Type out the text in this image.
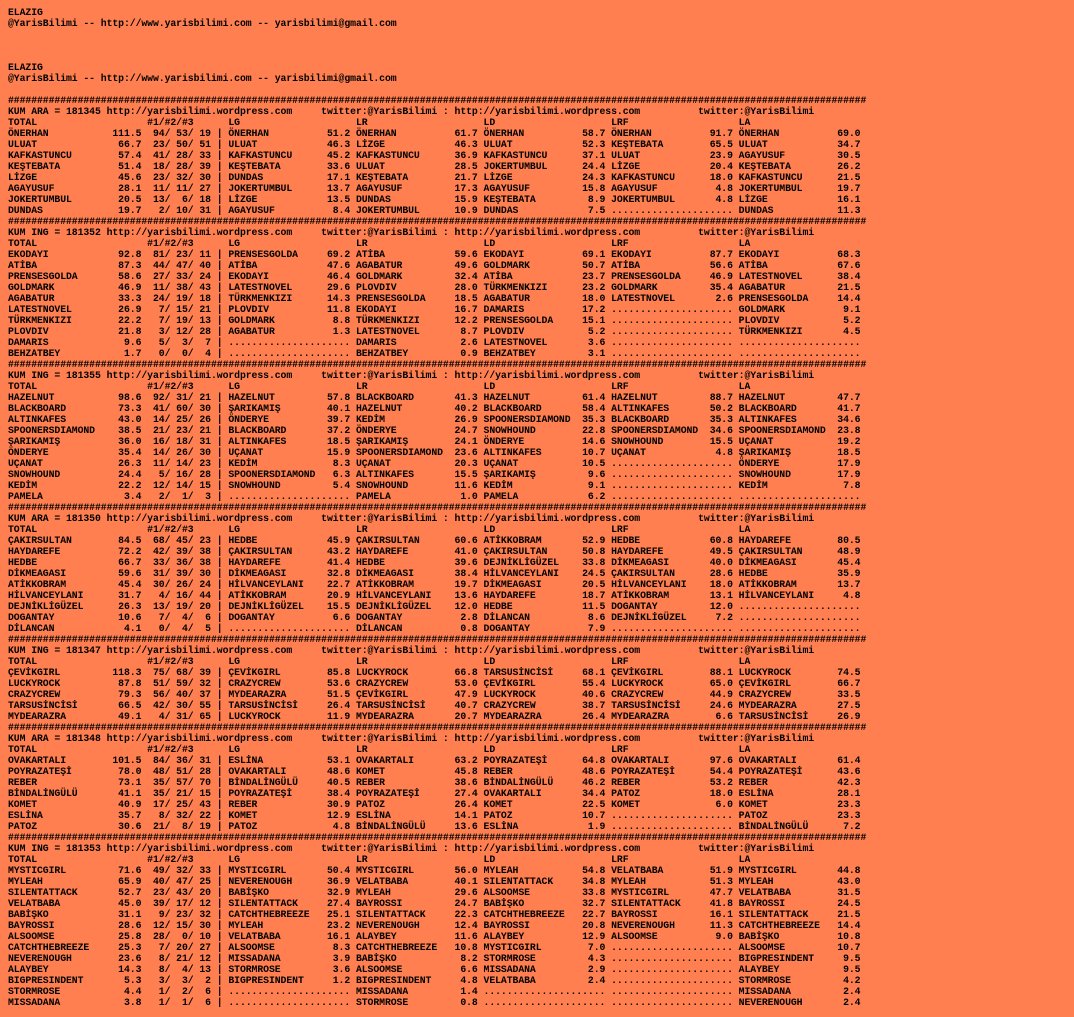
ELAZIG
@YarisBilimi -- http://www.yarisbilimi.com -- yarisbilimi@gmail.com
ELAZIG
@YarisBilimi -- http://www.yarisbilimi.com -- yarisbilimi@gmail.com
####################################################################################################################################################
KUM ARA = 181345 http://yarisbilimi.wordpress.com     twitter:@YarisBilimi : http://yarisbilimi.wordpress.com          twitter:@YarisBilimi
TOTAL                   #1/#2/#3      LG                    LR                    LD                    LRF                   LA
ÖNERHAN           111.5  94/ 53/ 19 | ÖNERHAN          51.2 ÖNERHAN          61.7 ÖNERHAN          58.7 ÖNERHAN          91.7 ÖNERHAN          69.0
ULUAT              66.7  23/ 50/ 51 | ULUAT            46.3 LİZGE            46.3 ULUAT            52.3 KEŞTEBATA        65.5 ULUAT            34.7
KAFKASTUNCU        57.4  41/ 28/ 33 | KAFKASTUNCU      45.2 KAFKASTUNCU      36.9 KAFKASTUNCU      37.1 ULUAT            23.9 AGAYUSUF         30.5
KEŞTEBATA          51.4  18/ 28/ 39 | KEŞTEBATA        33.6 ULUAT            28.5 JOKERTUMBUL      24.4 LİZGE            20.4 KEŞTEBATA        26.2
LİZGE              45.6  23/ 32/ 30 | DUNDAS           17.1 KEŞTEBATA        21.7 LİZGE            24.3 KAFKASTUNCU      18.0 KAFKASTUNCU      21.5
AGAYUSUF           28.1  11/ 11/ 27 | JOKERTUMBUL      13.7 AGAYUSUF         17.3 AGAYUSUF         15.8 AGAYUSUF          4.8 JOKERTUMBUL      19.7
JOKERTUMBUL        20.5  13/  6/ 18 | LİZGE            13.5 DUNDAS           15.9 KEŞTEBATA         8.9 JOKERTUMBUL       4.8 LİZGE            16.1
DUNDAS             19.7   2/ 10/ 31 | AGAYUSUF          8.4 JOKERTUMBUL      10.9 DUNDAS            7.5 ..................... DUNDAS           11.3
####################################################################################################################################################
KUM ING = 181352 http://yarisbilimi.wordpress.com     twitter:@YarisBilimi : http://yarisbilimi.wordpress.com          twitter:@YarisBilimi
TOTAL                   #1/#2/#3      LG                    LR                    LD                    LRF                   LA
EKODAYI            92.8  81/ 23/ 11 | PRENSESGOLDA     69.2 ATİBA            59.6 EKODAYI          69.1 EKODAYI          87.7 EKODAYI          68.3
ATİBA              87.3  44/ 47/ 40 | ATİBA            47.6 AGABATUR         49.6 GOLDMARK         50.7 ATİBA            56.6 ATİBA            67.6
PRENSESGOLDA       58.6  27/ 33/ 24 | EKODAYI          46.4 GOLDMARK         32.4 ATİBA            23.7 PRENSESGOLDA     46.9 LATESTNOVEL      38.4
GOLDMARK           46.9  11/ 38/ 43 | LATESTNOVEL      29.6 PLOVDIV          28.0 TÜRKMENKIZI      23.2 GOLDMARK         35.4 AGABATUR         21.5
AGABATUR           33.3  24/ 19/ 18 | TÜRKMENKIZI      14.3 PRENSESGOLDA     18.5 AGABATUR         18.0 LATESTNOVEL       2.6 PRENSESGOLDA     14.4
LATESTNOVEL        26.9   7/ 15/ 21 | PLOVDIV          11.8 EKODAYI          16.7 DAMARIS          17.2 ..................... GOLDMARK          9.1
TÜRKMENKIZI        22.2   7/ 19/ 13 | GOLDMARK          8.8 TÜRKMENKIZI      12.2 PRENSESGOLDA     15.1 ..................... PLOVDIV           5.2
PLOVDIV            21.8   3/ 12/ 28 | AGABATUR          1.3 LATESTNOVEL       8.7 PLOVDIV           5.2 ..................... TÜRKMENKIZI       4.5
DAMARIS             9.6   5/  3/  7 | ..................... DAMARIS           2.6 LATESTNOVEL       3.6 ..................... .....................
BEHZATBEY           1.7   0/  0/  4 | ..................... BEHZATBEY         0.9 BEHZATBEY         3.1 ..................... .....................
####################################################################################################################################################
KUM ING = 181355 http://yarisbilimi.wordpress.com     twitter:@YarisBilimi : http://yarisbilimi.wordpress.com          twitter:@YarisBilimi
TOTAL                   #1/#2/#3      LG                    LR                    LD                    LRF                   LA
HAZELNUT           98.6  92/ 31/ 21 | HAZELNUT         57.8 BLACKBOARD       41.3 HAZELNUT         61.4 HAZELNUT         88.7 HAZELNUT         47.7
BLACKBOARD         73.3  41/ 60/ 30 | ŞARIKAMIŞ        40.1 HAZELNUT         40.2 BLACKBOARD       58.4 ALTINKAFES       50.2 BLACKBOARD       41.7
ALTINKAFES         43.0  14/ 25/ 26 | ÖNDERYE          39.7 KEDİM            26.9 SPOONERSDIAMOND  35.3 BLACKBOARD       35.3 ALTINKAFES       34.6
SPOONERSDIAMOND    38.5  21/ 23/ 21 | BLACKBOARD       37.2 ÖNDERYE          24.7 SNOWHOUND        22.8 SPOONERSDIAMOND  34.6 SPOONERSDIAMOND  23.8
ŞARIKAMIŞ          36.0  16/ 18/ 31 | ALTINKAFES       18.5 ŞARIKAMIŞ        24.1 ÖNDERYE          14.6 SNOWHOUND        15.5 UÇANAT           19.2
ÖNDERYE            35.4  14/ 26/ 30 | UÇANAT           15.9 SPOONERSDIAMOND  23.6 ALTINKAFES       10.7 UÇANAT            4.8 ŞARIKAMIŞ        18.5
UÇANAT             26.3  11/ 14/ 23 | KEDİM             8.3 UÇANAT           20.3 UÇANAT           10.5 ..................... ÖNDERYE          17.9
SNOWHOUND          24.4   5/ 16/ 28 | SPOONERSDIAMOND   6.3 ALTINKAFES       15.5 ŞARIKAMIŞ         9.6 ..................... SNOWHOUND        17.9
KEDİM              22.2  12/ 14/ 15 | SNOWHOUND         5.4 SNOWHOUND        11.6 KEDİM             9.1 ..................... KEDİM             7.8
PAMELA              3.4   2/  1/  3 | ..................... PAMELA            1.0 PAMELA            6.2 ..................... .....................
####################################################################################################################################################
KUM ARA = 181350 http://yarisbilimi.wordpress.com     twitter:@YarisBilimi : http://yarisbilimi.wordpress.com          twitter:@YarisBilimi
TOTAL                   #1/#2/#3      LG                    LR                    LD                    LRF                   LA
ÇAKIRSULTAN        84.5  68/ 45/ 23 | HEDBE            45.9 ÇAKIRSULTAN      60.6 ATİKKOBRAM       52.9 HEDBE            60.8 HAYDAREFE        80.5
HAYDAREFE          72.2  42/ 39/ 38 | ÇAKIRSULTAN      43.2 HAYDAREFE        41.0 ÇAKIRSULTAN      50.8 HAYDAREFE        49.5 ÇAKIRSULTAN      48.9
HEDBE              66.7  33/ 36/ 38 | HAYDAREFE        41.4 HEDBE            39.6 DEJNİKLİGÜZEL    33.8 DİKMEAGASI       40.0 DİKMEAGASI       45.4
DİKMEAGASI         59.6  31/ 39/ 30 | DİKMEAGASI       32.8 DİKMEAGASI       38.4 HİLVANCEYLANI    24.5 ÇAKIRSULTAN      28.6 HEDBE            35.9
ATİKKOBRAM         45.4  30/ 26/ 24 | HİLVANCEYLANI    22.7 ATİKKOBRAM       19.7 DİKMEAGASI       20.5 HİLVANCEYLANI    18.0 ATİKKOBRAM       13.7
HİLVANCEYLANI      31.7   4/ 16/ 44 | ATİKKOBRAM       20.9 HİLVANCEYLANI    13.6 HAYDAREFE        18.7 ATİKKOBRAM       13.1 HİLVANCEYLANI     4.8
DEJNİKLİGÜZEL      26.3  13/ 19/ 20 | DEJNİKLİGÜZEL    15.5 DEJNİKLİGÜZEL    12.0 HEDBE            11.5 DOGANTAY         12.0 .....................
DOGANTAY           10.6   7/  4/  6 | DOGANTAY          6.6 DOGANTAY          2.8 DİLANCAN          8.6 DEJNİKLİGÜZEL     7.2 .....................
DİLANCAN            4.1   0/  4/  5 | ..................... DİLANCAN          0.8 DOGANTAY          7.9 ..................... .....................
####################################################################################################################################################
KUM ING = 181347 http://yarisbilimi.wordpress.com     twitter:@YarisBilimi : http://yarisbilimi.wordpress.com          twitter:@YarisBilimi
TOTAL                   #1/#2/#3      LG                    LR                    LD                    LRF                   LA
ÇEVİKGIRL         118.3  75/ 68/ 39 | ÇEVİKGIRL        85.8 LUCKYROCK        66.8 TARSUSİNCİSİ     68.1 ÇEVİKGIRL        88.1 LUCKYROCK        74.5
LUCKYROCK          87.8  51/ 59/ 32 | CRAZYCREW        53.6 CRAZYCREW        53.0 ÇEVİKGIRL        55.4 LUCKYROCK        65.0 ÇEVİKGIRL        66.7
CRAZYCREW          79.3  56/ 40/ 37 | MYDEARAZRA       51.5 ÇEVİKGIRL        47.9 LUCKYROCK        40.6 CRAZYCREW        44.9 CRAZYCREW        33.5
TARSUSİNCİSİ       66.5  42/ 30/ 55 | TARSUSİNCİSİ     26.4 TARSUSİNCİSİ     40.7 CRAZYCREW        38.7 TARSUSİNCİSİ     24.6 MYDEARAZRA       27.5
MYDEARAZRA         49.1   4/ 31/ 65 | LUCKYROCK        11.9 MYDEARAZRA       20.7 MYDEARAZRA       26.4 MYDEARAZRA        6.6 TARSUSİNCİSİ     26.9
####################################################################################################################################################
KUM ARA = 181348 http://yarisbilimi.wordpress.com     twitter:@YarisBilimi : http://yarisbilimi.wordpress.com          twitter:@YarisBilimi
TOTAL                   #1/#2/#3      LG                    LR                    LD                    LRF                   LA
OVAKARTALI        101.5  84/ 36/ 31 | ESLİNA           53.1 OVAKARTALI       63.2 POYRAZATEŞİ      64.8 OVAKARTALI       97.6 OVAKARTALI       61.4
POYRAZATEŞİ        78.0  48/ 51/ 28 | OVAKARTALI       48.6 KOMET            45.8 REBER            48.6 POYRAZATEŞİ      54.4 POYRAZATEŞİ      43.6
REBER              73.1  35/ 57/ 70 | BİNDALİNGÜLÜ     40.5 REBER            38.6 BİNDALİNGÜLÜ     46.2 REBER            53.2 REBER            42.3
BİNDALİNGÜLÜ       41.1  35/ 21/ 15 | POYRAZATEŞİ      38.4 POYRAZATEŞİ      27.4 OVAKARTALI       34.4 PATOZ            18.0 ESLİNA           28.1
KOMET              40.9  17/ 25/ 43 | REBER            30.9 PATOZ            26.4 KOMET            22.5 KOMET             6.0 KOMET            23.3
ESLİNA             35.7   8/ 32/ 22 | KOMET            12.9 ESLİNA           14.1 PATOZ            10.7 ..................... PATOZ            23.3
PATOZ              30.6  21/  8/ 19 | PATOZ             4.8 BİNDALİNGÜLÜ     13.6 ESLİNA            1.9 ..................... BİNDALİNGÜLÜ      7.2
####################################################################################################################################################
KUM ING = 181353 http://yarisbilimi.wordpress.com     twitter:@YarisBilimi : http://yarisbilimi.wordpress.com          twitter:@YarisBilimi
TOTAL                   #1/#2/#3      LG                    LR                    LD                    LRF                   LA
MYSTICGIRL         71.6  49/ 32/ 33 | MYSTICGIRL       50.4 MYSTICGIRL       56.0 MYLEAH           54.8 VELATBABA        51.9 MYSTICGIRL       44.8
MYLEAH             65.9  40/ 47/ 25 | NEVERENOUGH      36.9 VELATBABA        40.1 SILENTATTACK     34.8 MYLEAH           51.3 MYLEAH           43.0
SILENTATTACK       52.7  23/ 43/ 20 | BABİŞKO          32.9 MYLEAH           29.6 ALSOOMSE         33.8 MYSTICGIRL       47.7 VELATBABA        31.5
VELATBABA          45.0  39/ 17/ 12 | SILENTATTACK     27.4 BAYROSSI         24.7 BABİŞKO          32.7 SILENTATTACK     41.8 BAYROSSI         24.5
BABİŞKO            31.1   9/ 23/ 32 | CATCHTHEBREEZE   25.1 SILENTATTACK     22.3 CATCHTHEBREEZE   22.7 BAYROSSI         16.1 SILENTATTACK     21.5
BAYROSSI           28.6  12/ 15/ 30 | MYLEAH           23.2 NEVERENOUGH      12.4 BAYROSSI         20.8 NEVERENOUGH      11.3 CATCHTHEBREEZE   14.4
ALSOOMSE           25.8  28/  0/ 10 | VELATBABA        16.1 ALAYBEY          11.6 ALAYBEY          12.9 ALSOOMSE          9.0 BABİŞKO          10.8
CATCHTHEBREEZE     25.3   7/ 20/ 27 | ALSOOMSE          8.3 CATCHTHEBREEZE   10.8 MYSTICGIRL        7.0 ..................... ALSOOMSE         10.7
NEVERENOUGH        23.6   8/ 21/ 12 | MISSADANA         3.9 BABİŞKO           8.2 STORMROSE         4.3 ..................... BIGPRESINDENT     9.5
ALAYBEY            14.3   8/  4/ 13 | STORMROSE         3.6 ALSOOMSE          6.6 MISSADANA         2.9 ..................... ALAYBEY           9.5
BIGPRESINDENT       5.3   3/  3/  2 | BIGPRESINDENT     1.2 BIGPRESINDENT     4.8 VELATBABA         2.4 ..................... STORMROSE         4.2
STORMROSE           4.4   1/  2/  6 | ..................... MISSADANA         1.4 ..................... ..................... MISSADANA         2.4
MISSADANA           3.8   1/  1/  6 | ..................... STORMROSE         0.8 ..................... ..................... NEVERENOUGH       2.4
